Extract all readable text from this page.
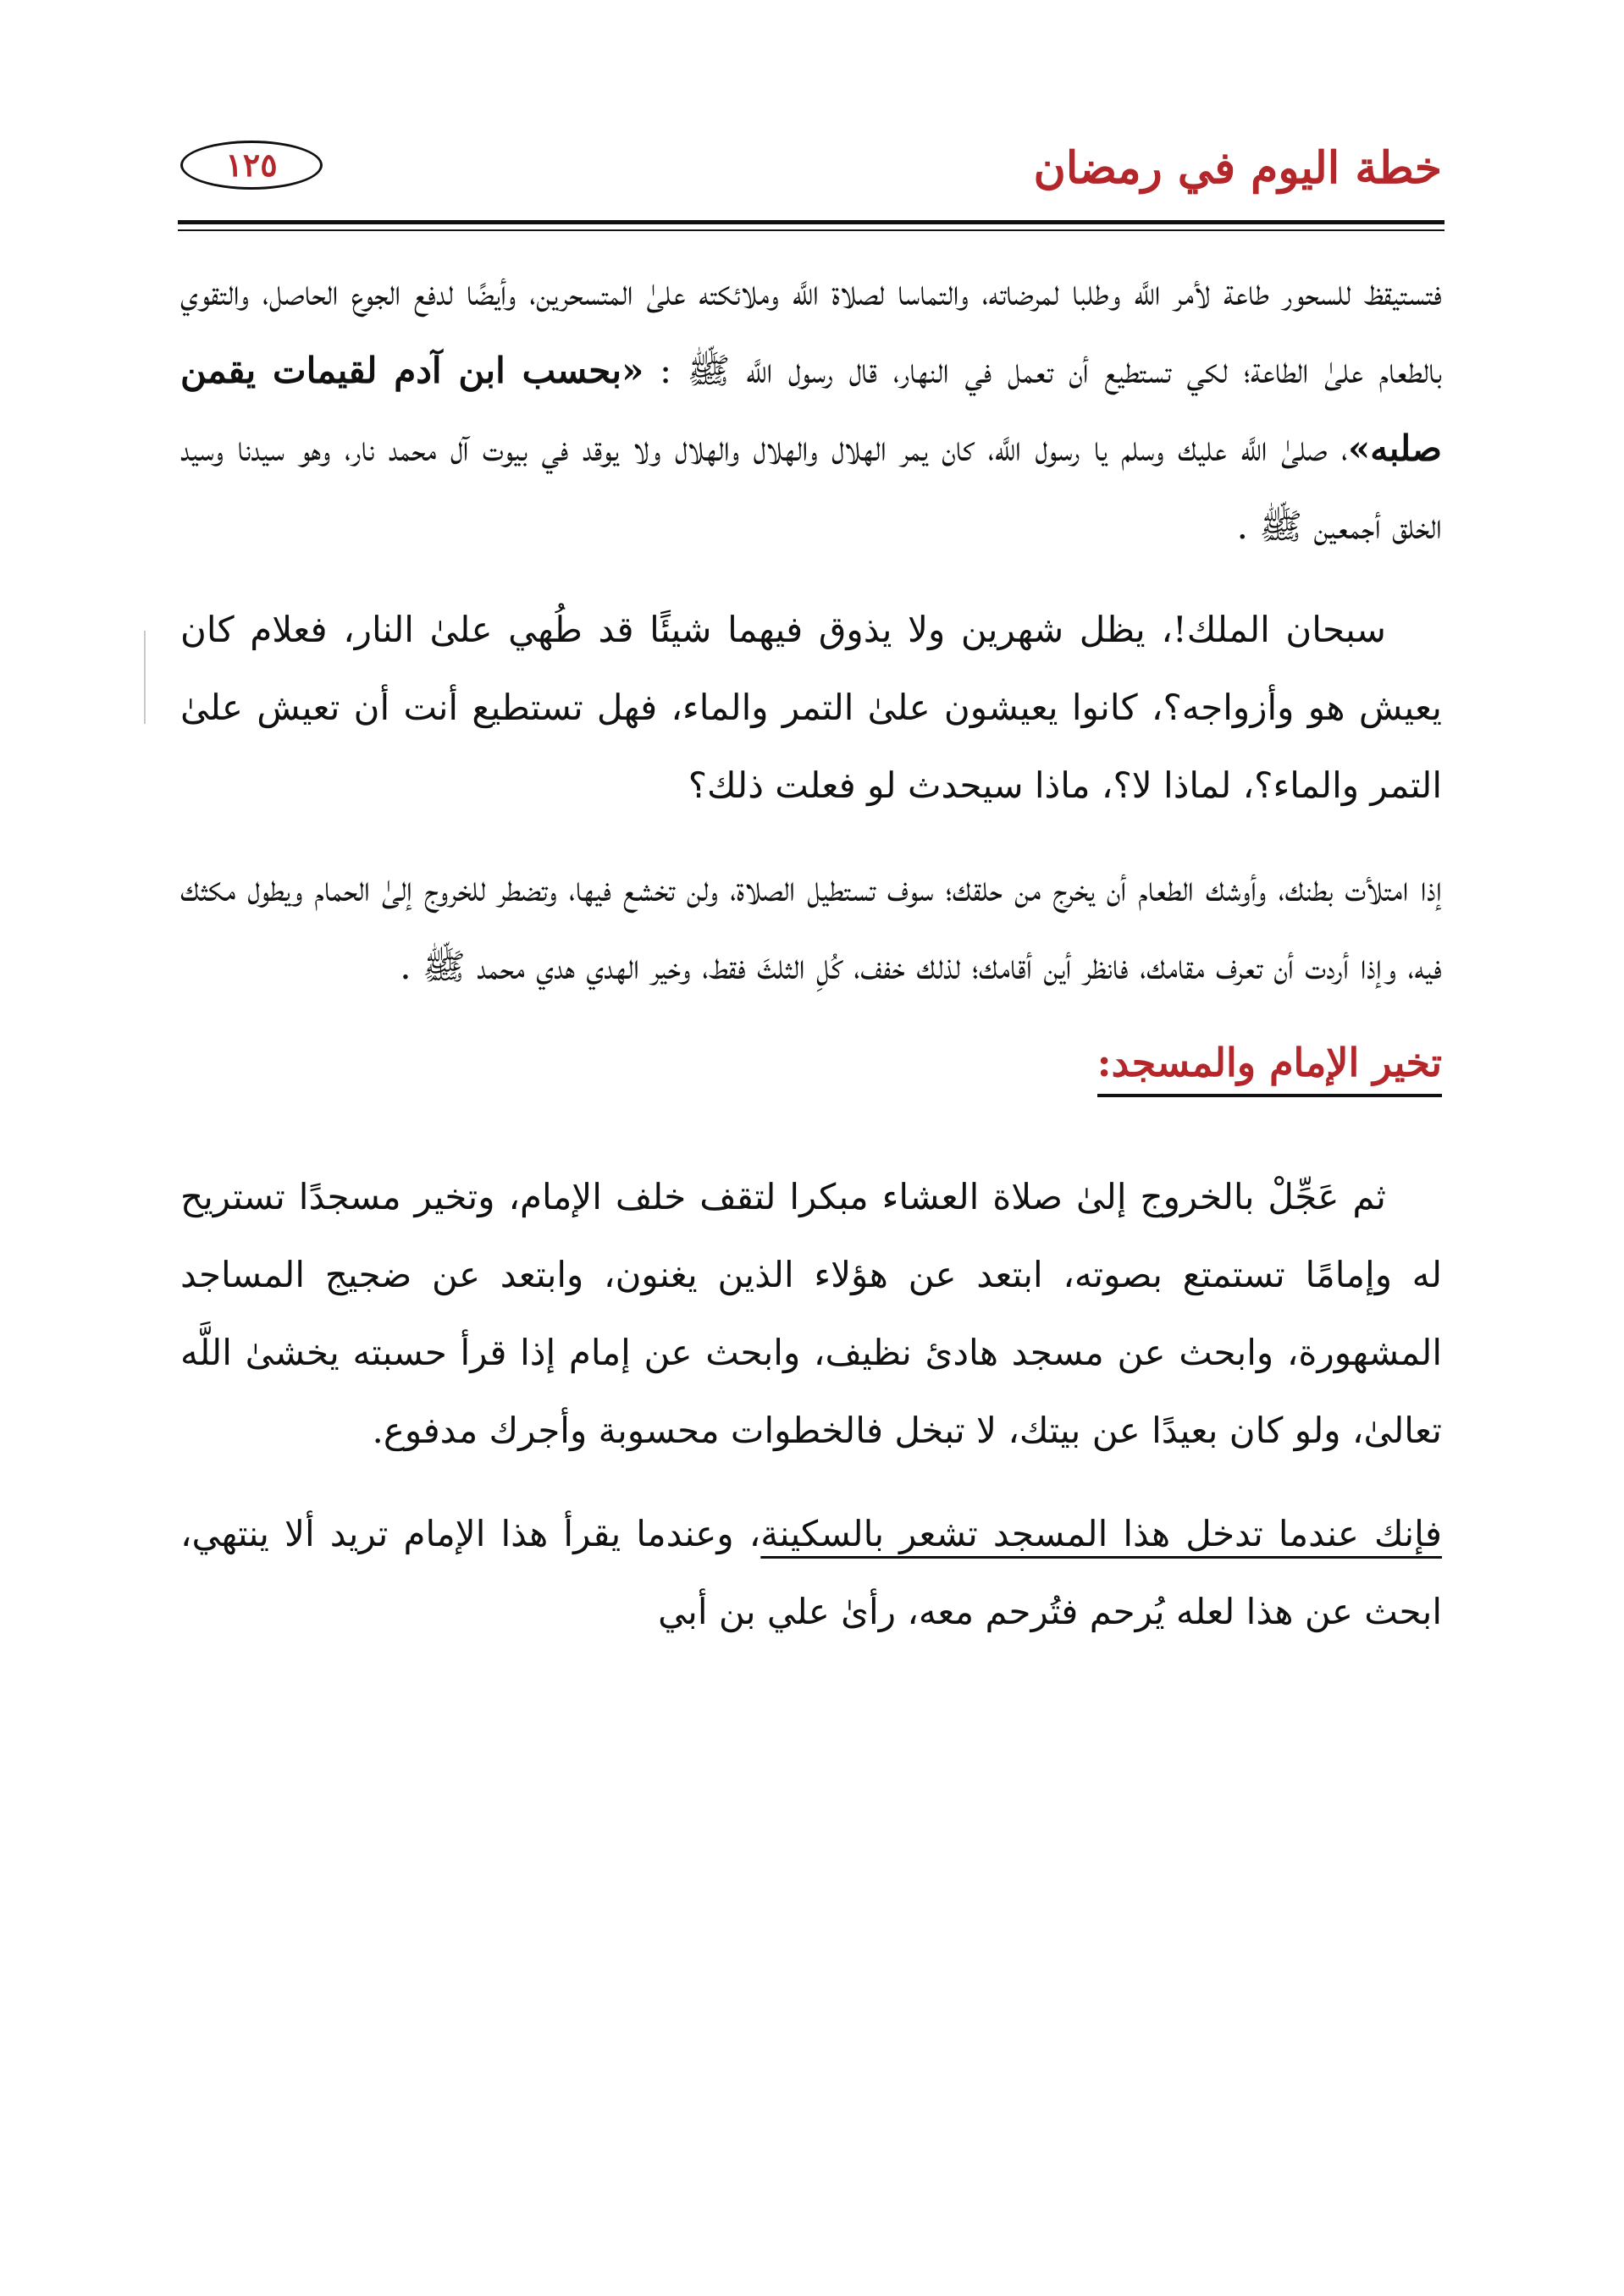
خطة اليوم في رمضان
١٢٥

فتستيقظ للسحور طاعة لأمر اللَّه وطلبا لمرضاته، والتماسا لصلاة اللَّه وملائكته علىٰ المتسحرين، وأيضًا لدفع الجوع الحاصل، والتقوي بالطعام علىٰ الطاعة؛ لكي تستطيع أن تعمل في النهار، قال رسول اللَّه ﷺ : «بحسب ابن آدم لقيمات يقمن صلبه»، صلىٰ اللَّه عليك وسلم يا رسول اللَّه، كان يمر الهلال والهلال والهلال ولا يوقد في بيوت آل محمد نار، وهو سيدنا وسيد الخلق أجمعين ﷺ .

سبحان الملك!، يظل شهرين ولا يذوق فيهما شيئًا قد طُهي علىٰ النار، فعلام كان يعيش هو وأزواجه؟، كانوا يعيشون علىٰ التمر والماء، فهل تستطيع أنت أن تعيش علىٰ التمر والماء؟، لماذا لا؟، ماذا سيحدث لو فعلت ذلك؟

إذا امتلأت بطنك، وأوشك الطعام أن يخرج من حلقك؛ سوف تستطيل الصلاة، ولن تخشع فيها، وتضطر للخروج إلىٰ الحمام ويطول مكثك فيه، وإذا أردت أن تعرف مقامك، فانظر أين أقامك؛ لذلك خفف، كُلِ الثلثَ فقط، وخير الهدي هدي محمد ﷺ .

تخير الإمام والمسجد:

ثم عَجِّلْ بالخروج إلىٰ صلاة العشاء مبكرا لتقف خلف الإمام، وتخير مسجدًا تستريح له وإمامًا تستمتع بصوته، ابتعد عن هؤلاء الذين يغنون، وابتعد عن ضجيج المساجد المشهورة، وابحث عن مسجد هادئ نظيف، وابحث عن إمام إذا قرأ حسبته يخشىٰ اللَّه تعالىٰ، ولو كان بعيدًا عن بيتك، لا تبخل فالخطوات محسوبة وأجرك مدفوع.

فإنك عندما تدخل هذا المسجد تشعر بالسكينة، وعندما يقرأ هذا الإمام تريد ألا ينتهي، ابحث عن هذا لعله يُرحم فتُرحم معه، رأىٰ علي بن أبي
